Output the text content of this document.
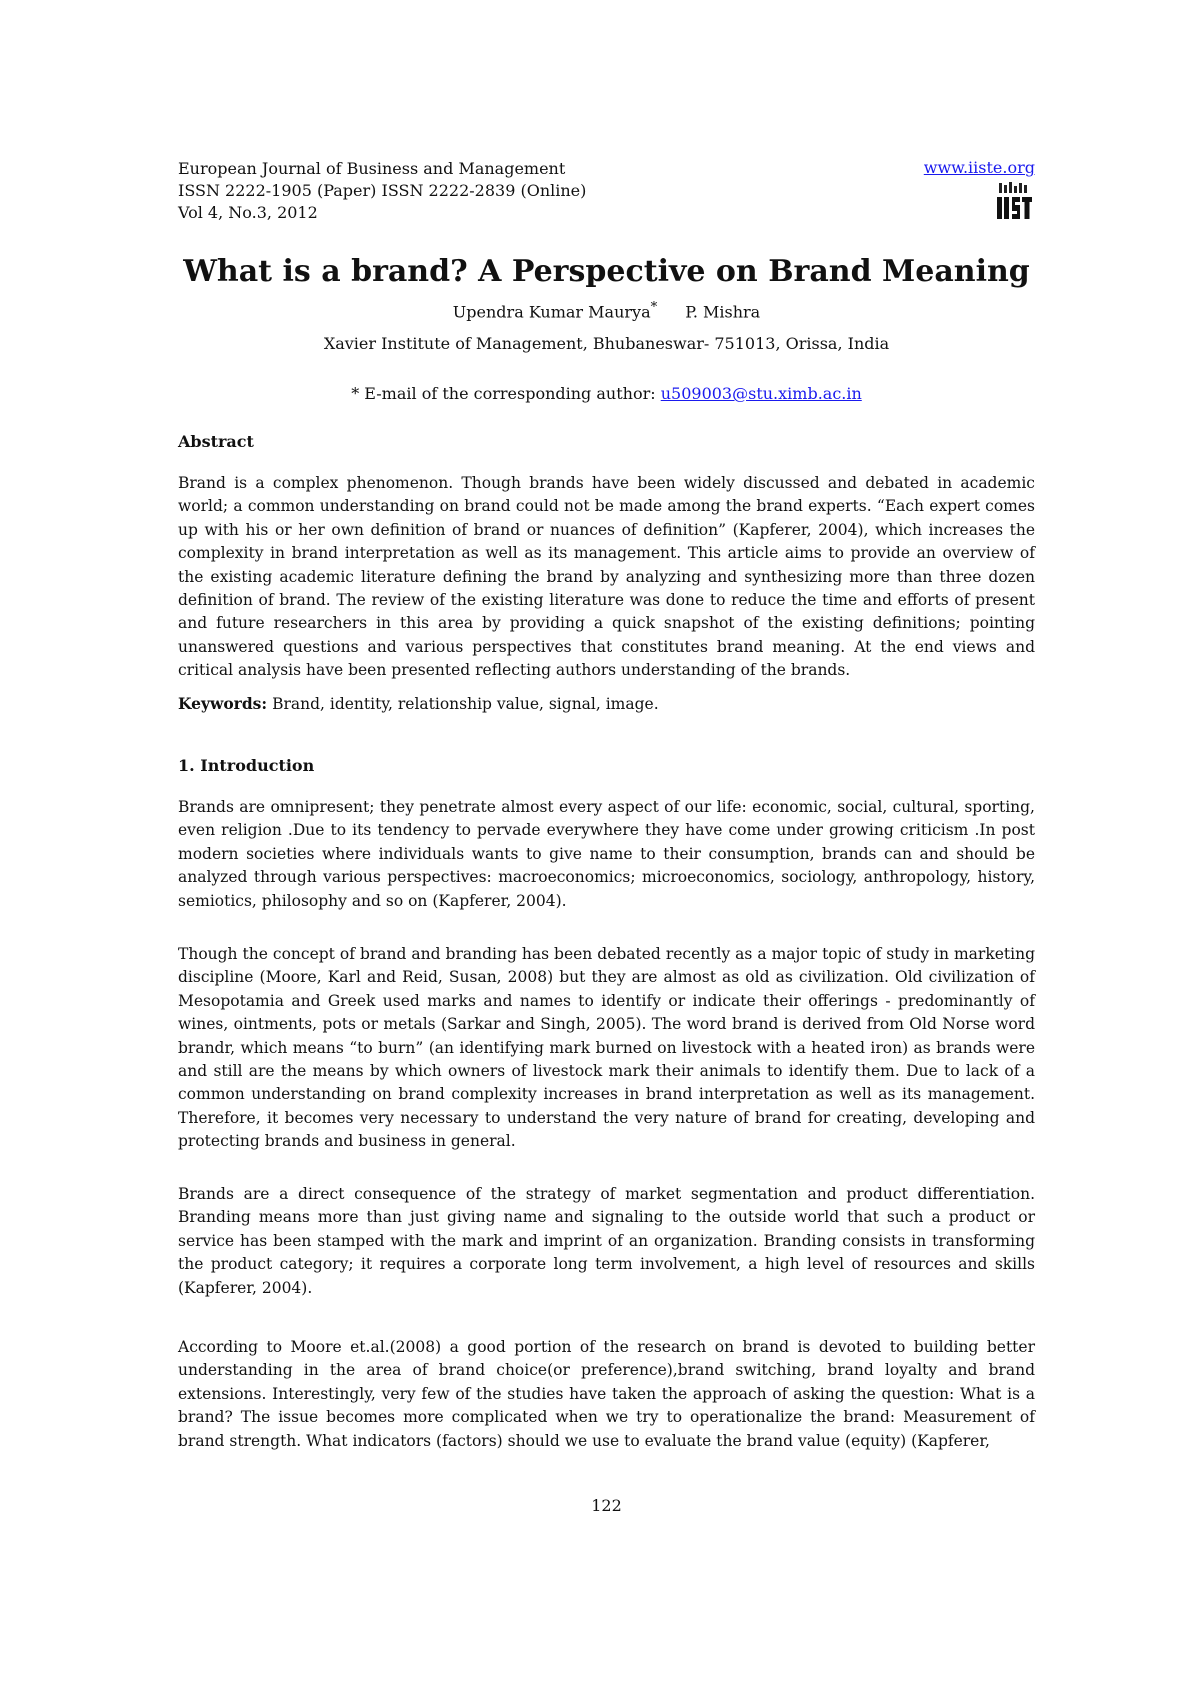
European Journal of Business and Management
ISSN 2222-1905 (Paper) ISSN 2222-2839 (Online)
Vol 4, No.3, 2012
www.iiste.org

What is a brand? A Perspective on Brand Meaning
Upendra Kumar Maurya* P. Mishra
Xavier Institute of Management, Bhubaneswar- 751013, Orissa, India
* E-mail of the corresponding author: u509003@stu.ximb.ac.in
Abstract
Brand is a complex phenomenon. Though brands have been widely discussed and debated in academic world; a common understanding on brand could not be made among the brand experts. “Each expert comes up with his or her own definition of brand or nuances of definition” (Kapferer, 2004), which increases the complexity in brand interpretation as well as its management. This article aims to provide an overview of the existing academic literature defining the brand by analyzing and synthesizing more than three dozen definition of brand. The review of the existing literature was done to reduce the time and efforts of present and future researchers in this area by providing a quick snapshot of the existing definitions; pointing unanswered questions and various perspectives that constitutes brand meaning. At the end views and critical analysis have been presented reflecting authors understanding of the brands.
Keywords: Brand, identity, relationship value, signal, image.
1. Introduction
Brands are omnipresent; they penetrate almost every aspect of our life: economic, social, cultural, sporting, even religion .Due to its tendency to pervade everywhere they have come under growing criticism .In post modern societies where individuals wants to give name to their consumption, brands can and should be analyzed through various perspectives: macroeconomics; microeconomics, sociology, anthropology, history, semiotics, philosophy and so on (Kapferer, 2004).
Though the concept of brand and branding has been debated recently as a major topic of study in marketing discipline (Moore, Karl and Reid, Susan, 2008) but they are almost as old as civilization. Old civilization of Mesopotamia and Greek used marks and names to identify or indicate their offerings - predominantly of wines, ointments, pots or metals (Sarkar and Singh, 2005). The word brand is derived from Old Norse word brandr, which means “to burn” (an identifying mark burned on livestock with a heated iron) as brands were and still are the means by which owners of livestock mark their animals to identify them. Due to lack of a common understanding on brand complexity increases in brand interpretation as well as its management. Therefore, it becomes very necessary to understand the very nature of brand for creating, developing and protecting brands and business in general.
Brands are a direct consequence of the strategy of market segmentation and product differentiation. Branding means more than just giving name and signaling to the outside world that such a product or service has been stamped with the mark and imprint of an organization. Branding consists in transforming the product category; it requires a corporate long term involvement, a high level of resources and skills (Kapferer, 2004).
According to Moore et.al.(2008) a good portion of the research on brand is devoted to building better understanding in the area of brand choice(or preference),brand switching, brand loyalty and brand extensions. Interestingly, very few of the studies have taken the approach of asking the question: What is a brand? The issue becomes more complicated when we try to operationalize the brand: Measurement of brand strength. What indicators (factors) should we use to evaluate the brand value (equity) (Kapferer,
122
